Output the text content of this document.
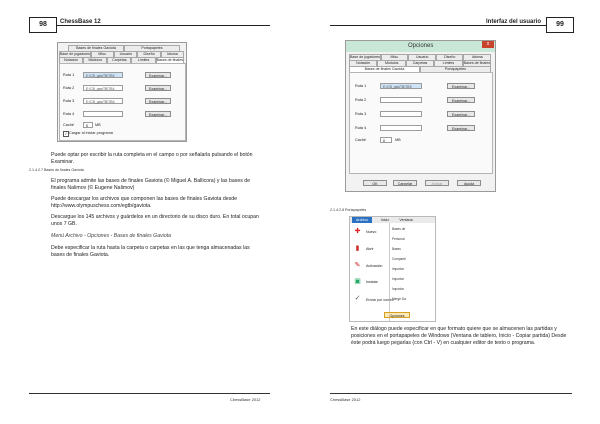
98	ChessBase 12
Bases de finales Gaviota	Portapapeles
Base de jugadores	Misc.	Usuario	Diseño	Idioma
Notación	Módulos	Carpetas	Límites	Bases de finales
Ruta 1	E:\CB_gaviTB\TB5	Examinar...
Ruta 2	E:\CB_gaviTB\TB4	Examinar...
Ruta 3	E:\CB_gaviTB\TB6	Examinar...
Ruta 4	Examinar...
Caché	8	MB
✓ Cargar al iniciar programa
Puede optar por escribir la ruta completa en el campo o por señalarla pulsando el botón Examinar.
2.1.4.2.7 Bases de finales Gaviota
El programa admite las bases de finales Gaviota (© Miguel A. Ballicora) y las bases de finales Nalimov (© Eugene Nalimov)
Puede descargar los archivos que componen las bases de finales Gaviota desde http://www.olympuschess.com/egtb/gaviota.
Descargue los 145 archivos y guárdelos en un directorio de su disco duro. En total ocupan unos 7 GB.
Menú Archivo - Opciones - Bases de finales Gaviota
Debe especificar la ruta hasta la carpeta o carpetas en las que tenga almacenadas las bases de finales Gaviota.
ChessBase 2012
Interfaz del usuario	99
Opciones	x
Base de jugadores	Misc.	Usuario	Diseño	Idioma
Notación	Módulos	Carpetas	Límites	Bases de finales
Bases de finales Gaviota	Portapapeles
Ruta 1	E:\CB_gaviTB\TB5	Examinar...
Ruta 2	Examinar...
Ruta 3	Examinar...
Ruta 4	Examinar...
Caché	8	MB
OK	Cancelar	Aplicar	Ayuda
2.1.4.2.8 Portapapeles
Archivo	Inicio	Ventana
✚	Nuevo
▮	Abrir
✎	Activación
▣	Instalar
✓	Enviar por correo
Bases de
Personal
Bases
Compartir
Importar
Importar
Importar
Merge Da
Opciones
En este diálogo puede especificar en que formato quiere que se almacenen las partidas y posiciones en el portapapeles de Windows (Ventana de tablero, Inicio - Copiar partida) Desde éste podrá luego pegarlas (con Ctrl - V) en cualquier editor de texto o programa.
ChessBase 2012
